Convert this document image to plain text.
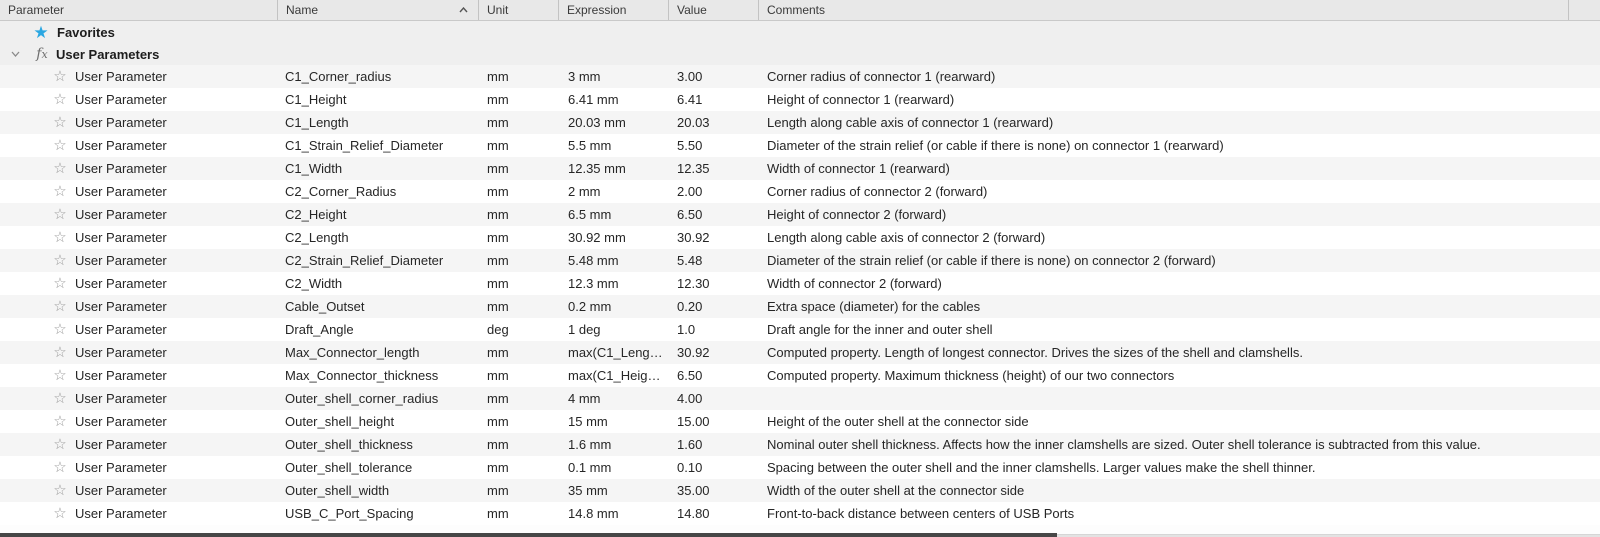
Parameter	Name	Unit	Expression	Value	Comments
★ Favorites
fx User Parameters
☆ User Parameter	C1_Corner_radius	mm	3 mm	3.00	Corner radius of connector 1 (rearward)
☆ User Parameter	C1_Height	mm	6.41 mm	6.41	Height of connector 1 (rearward)
☆ User Parameter	C1_Length	mm	20.03 mm	20.03	Length along cable axis of connector 1 (rearward)
☆ User Parameter	C1_Strain_Relief_Diameter	mm	5.5 mm	5.50	Diameter of the strain relief (or cable if there is none) on connector 1 (rearward)
☆ User Parameter	C1_Width	mm	12.35 mm	12.35	Width of connector 1 (rearward)
☆ User Parameter	C2_Corner_Radius	mm	2 mm	2.00	Corner radius of connector 2 (forward)
☆ User Parameter	C2_Height	mm	6.5 mm	6.50	Height of connector 2 (forward)
☆ User Parameter	C2_Length	mm	30.92 mm	30.92	Length along cable axis of connector 2 (forward)
☆ User Parameter	C2_Strain_Relief_Diameter	mm	5.48 mm	5.48	Diameter of the strain relief (or cable if there is none) on connector 2 (forward)
☆ User Parameter	C2_Width	mm	12.3 mm	12.30	Width of connector 2 (forward)
☆ User Parameter	Cable_Outset	mm	0.2 mm	0.20	Extra space (diameter) for the cables
☆ User Parameter	Draft_Angle	deg	1 deg	1.0	Draft angle for the inner and outer shell
☆ User Parameter	Max_Connector_length	mm	max(C1_Leng…	30.92	Computed property. Length of longest connector. Drives the sizes of the shell and clamshells.
☆ User Parameter	Max_Connector_thickness	mm	max(C1_Heig…	6.50	Computed property. Maximum thickness (height) of our two connectors
☆ User Parameter	Outer_shell_corner_radius	mm	4 mm	4.00
☆ User Parameter	Outer_shell_height	mm	15 mm	15.00	Height of the outer shell at the connector side
☆ User Parameter	Outer_shell_thickness	mm	1.6 mm	1.60	Nominal outer shell thickness. Affects how the inner clamshells are sized. Outer shell tolerance is subtracted from this value.
☆ User Parameter	Outer_shell_tolerance	mm	0.1 mm	0.10	Spacing between the outer shell and the inner clamshells. Larger values make the shell thinner.
☆ User Parameter	Outer_shell_width	mm	35 mm	35.00	Width of the outer shell at the connector side
☆ User Parameter	USB_C_Port_Spacing	mm	14.8 mm	14.80	Front-to-back distance between centers of USB Ports
